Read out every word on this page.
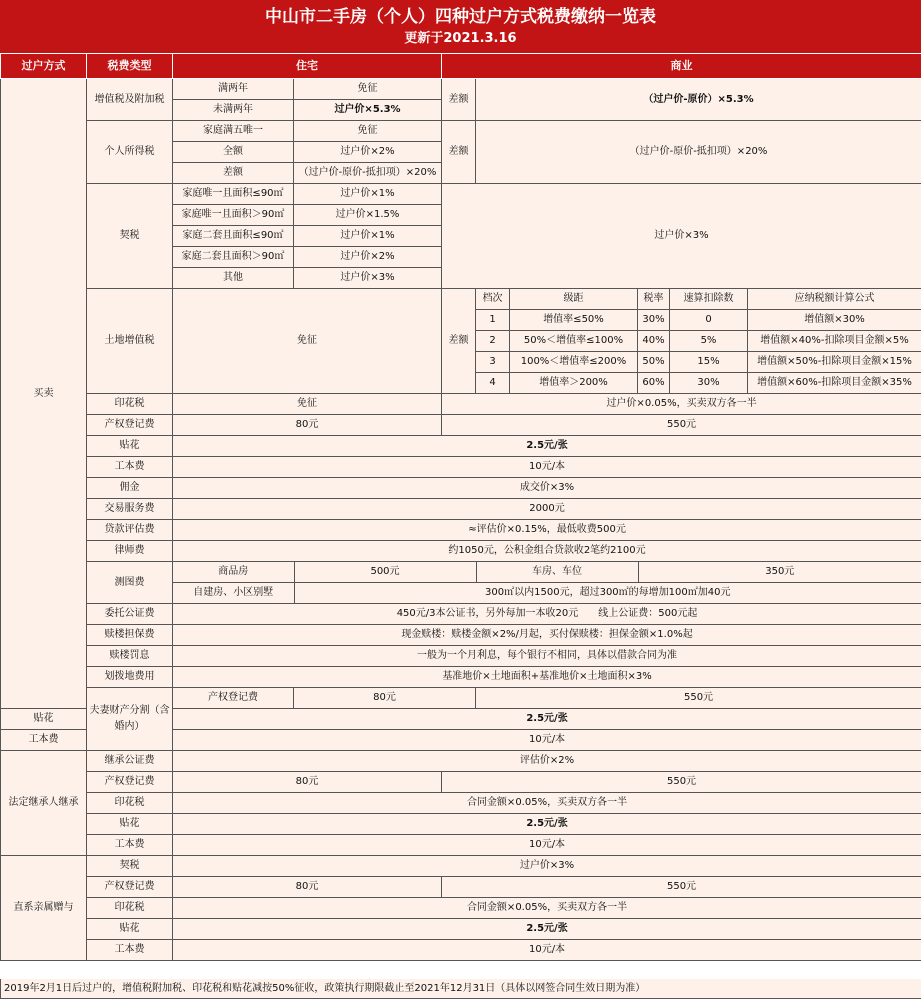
中山市二手房（个人）四种过户方式税费缴纳一览表
更新于2021.3.16
过户方式	税费类型	住宅	商业
买卖	增值税及附加税	满两年	免征	差额	（过户价-原价）×5.3%
未满两年	过户价×5.3%
个人所得税	家庭满五唯一	免征	差额	（过户价-原价-抵扣项）×20%
全额	过户价×2%
差额	（过户价-原价-抵扣项）×20%
契税	家庭唯一且面积≤90㎡	过户价×1%	过户价×3%
家庭唯一且面积＞90㎡	过户价×1.5%
家庭二套且面积≤90㎡	过户价×1%
家庭二套且面积＞90㎡	过户价×2%
其他	过户价×3%
土地增值税	免征	差额	档次	级距	税率	速算扣除数	应纳税额计算公式
1	增值率≤50%	30%	0	增值额×30%
2	50%＜增值率≤100%	40%	5%	增值额×40%-扣除项目金额×5%
3	100%＜增值率≤200%	50%	15%	增值额×50%-扣除项目金额×15%
4	增值率＞200%	60%	30%	增值额×60%-扣除项目金额×35%
印花税	免征	过户价×0.05%，买卖双方各一半
产权登记费	80元	550元
贴花	2.5元/张
工本费	10元/本
佣金	成交价×3%
交易服务费	2000元
贷款评估费	≈评估价×0.15%，最低收费500元
律师费	约1050元，公积金组合贷款收2笔约2100元
测图费	
商品房	500元	车房、车位	350元
自建房、小区别墅	300㎡以内1500元，超过300㎡的每增加100㎡加40元

委托公证费	450元/3本公证书，另外每加一本收20元　　线上公证费：500元起
赎楼担保费	现金赎楼：赎楼金额×2%/月起，买付保赎楼：担保金额×1.0%起
赎楼罚息	一般为一个月利息，每个银行不相同，具体以借款合同为准
划拨地费用	基准地价×土地面积+基准地价×土地面积×3%
夫妻财产分割（含婚内）	产权登记费	80元	550元
贴花	2.5元/张
工本费	10元/本
法定继承人继承	继承公证费	评估价×2%
产权登记费	80元	550元
印花税	合同金额×0.05%，买卖双方各一半
贴花	2.5元/张
工本费	10元/本
直系亲属赠与	契税	过户价×3%
产权登记费	80元	550元
印花税	合同金额×0.05%，买卖双方各一半
贴花	2.5元/张
工本费	10元/本
2019年2月1日后过户的，增值税附加税、印花税和贴花减按50%征收，政策执行期限截止至2021年12月31日（具体以网签合同生效日期为准）
